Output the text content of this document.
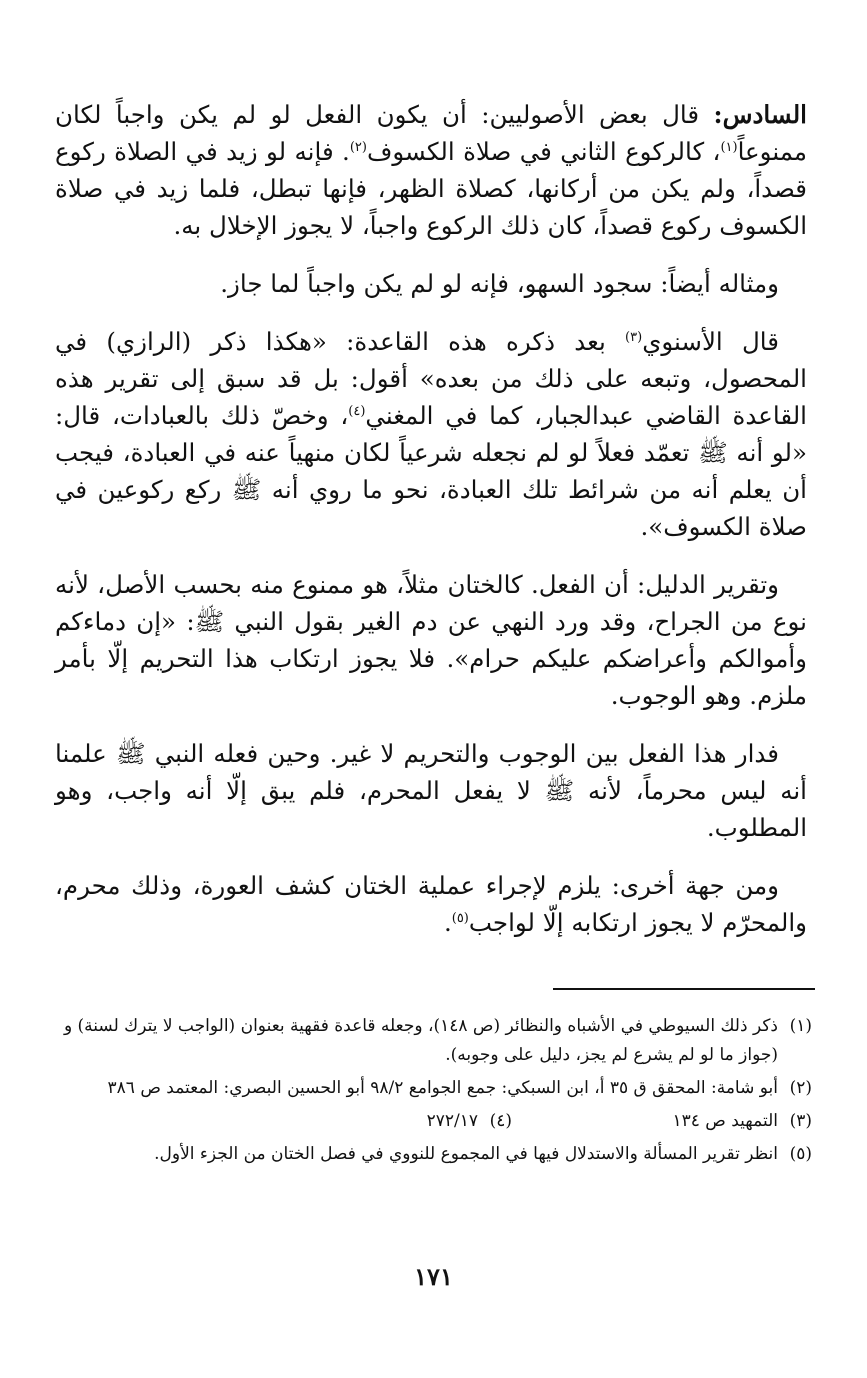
السادس: قال بعض الأصوليين: أن يكون الفعل لو لم يكن واجباً لكان ممنوعاً$^{(١)}$، كالركوع الثاني في صلاة الكسوف$^{(٢)}$. فإنه لو زيد في الصلاة ركوع قصداً، ولم يكن من أركانها، كصلاة الظهر، فإنها تبطل، فلما زيد في صلاة الكسوف ركوع قصداً، كان ذلك الركوع واجباً، لا يجوز الإخلال به.

ومثاله أيضاً: سجود السهو، فإنه لو لم يكن واجباً لما جاز.

قال الأسنوي$^{(٣)}$ بعد ذكره هذه القاعدة: «هكذا ذكر (الرازي) في المحصول، وتبعه على ذلك من بعده» أقول: بل قد سبق إلى تقرير هذه القاعدة القاضي عبدالجبار، كما في المغني$^{(٤)}$، وخصّ ذلك بالعبادات، قال: «لو أنه ﷺ تعمّد فعلاً لو لم نجعله شرعياً لكان منهياً عنه في العبادة، فيجب أن يعلم أنه من شرائط تلك العبادة، نحو ما روي أنه ﷺ ركع ركوعين في صلاة الكسوف».

وتقرير الدليل: أن الفعل. كالختان مثلاً، هو ممنوع منه بحسب الأصل، لأنه نوع من الجراح، وقد ورد النهي عن دم الغير بقول النبي ﷺ: «إن دماءكم وأموالكم وأعراضكم عليكم حرام». فلا يجوز ارتكاب هذا التحريم إلّا بأمر ملزم. وهو الوجوب.

فدار هذا الفعل بين الوجوب والتحريم لا غير. وحين فعله النبي ﷺ علمنا أنه ليس محرماً، لأنه ﷺ لا يفعل المحرم، فلم يبق إلّا أنه واجب، وهو المطلوب.

ومن جهة أخرى: يلزم لإجراء عملية الختان كشف العورة، وذلك محرم، والمحرّم لا يجوز ارتكابه إلّا لواجب$^{(٥)}$.

(١)
ذكر ذلك السيوطي في الأشباه والنظائر (ص ١٤٨)، وجعله قاعدة فقهية بعنوان (الواجب لا يترك لسنة) و (جواز ما لو لم يشرع لم يجز، دليل على وجوبه).
(٢)
أبو شامة: المحقق ق ٣٥ أ، ابن السبكي: جمع الجوامع ٩٨/٢ أبو الحسين البصري: المعتمد ص ٣٨٦
(٣)
التمهيد ص ١٣٤
(٤)
٢٧٢/١٧
(٥)
انظر تقرير المسألة والاستدلال فيها في المجموع للنووي في فصل الختان من الجزء الأول.
١٧١
